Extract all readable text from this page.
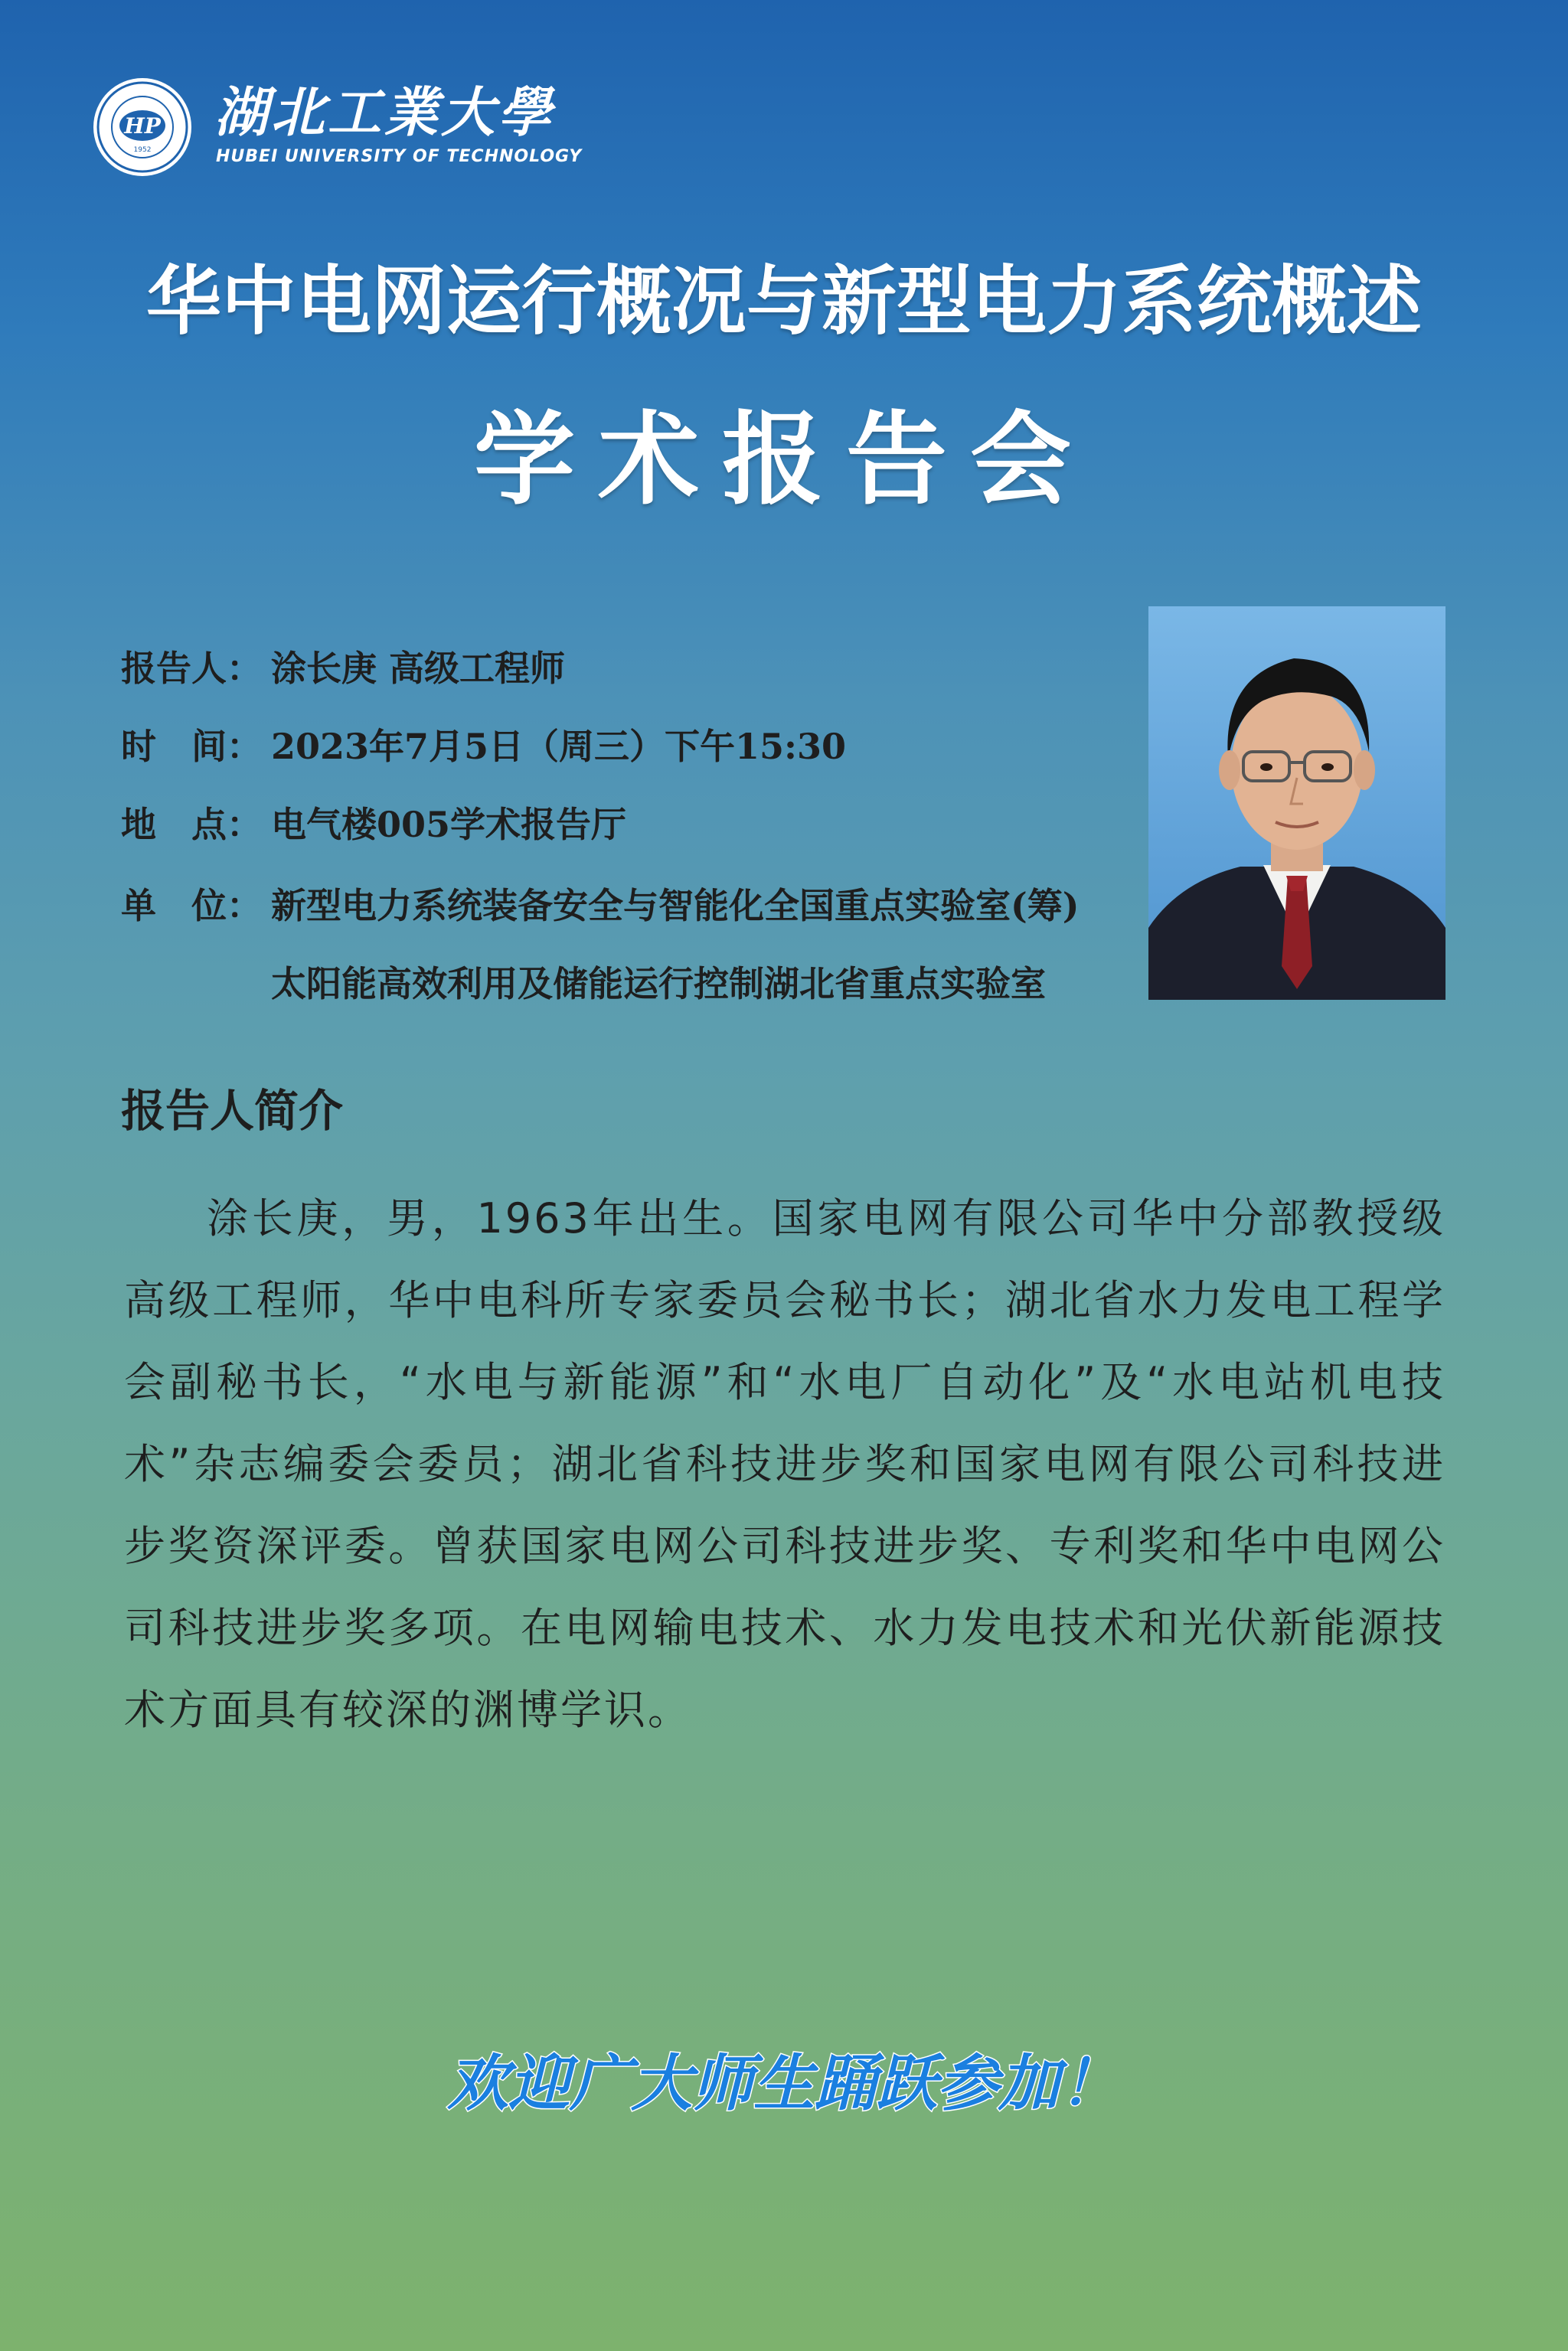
HP
1952
湖北工業大學
HUBEI UNIVERSITY OF TECHNOLOGY
华中电网运行概况与新型电力系统概述
学术报告会
报告人： 涂长庚 高级工程师
时　间： 2023年7月5日（周三）下午15:30
地　点： 电气楼005学术报告厅
单　位： 新型电力系统装备安全与智能化全国重点实验室(筹)
太阳能高效利用及储能运行控制湖北省重点实验室
报告人简介

涂长庚，男，1963年出生。国家电网有限公司华中分部教授级高级工程师，华中电科所专家委员会秘书长；湖北省水力发电工程学会副秘书长，“水电与新能源”和“水电厂自动化”及“水电站机电技术”杂志编委会委员；湖北省科技进步奖和国家电网有限公司科技进步奖资深评委。曾获国家电网公司科技进步奖、专利奖和华中电网公司科技进步奖多项。在电网输电技术、水力发电技术和光伏新能源技术方面具有较深的渊博学识。

欢迎广大师生踊跃参加！
